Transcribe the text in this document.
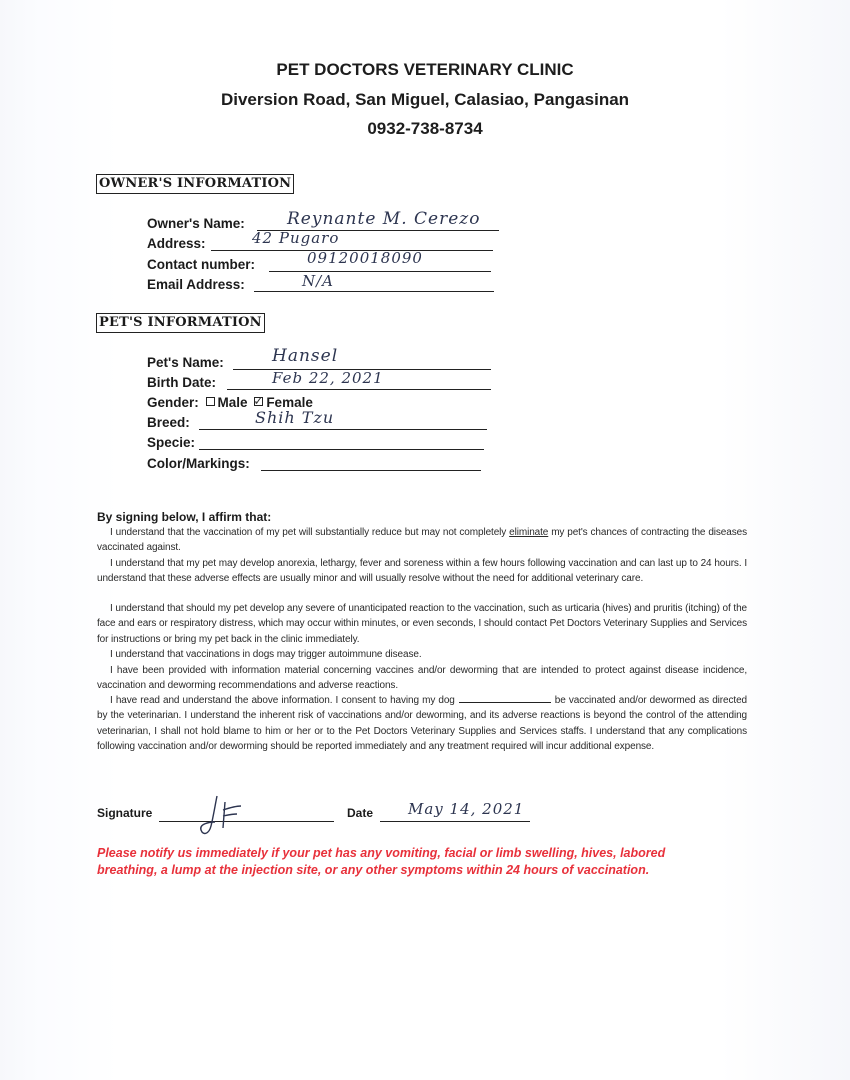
PET DOCTORS VETERINARY CLINIC
Diversion Road, San Miguel, Calasiao, Pangasinan
0932-738-8734
OWNER'S INFORMATION
Owner's Name: Reynante M. Cerezo
Address:	42 Pugaro
Contact number:	09120018090
Email Address:	N/A
PET'S INFORMATION
Pet's Name:	Hansel
Birth Date:	Feb 22, 2021
Gender: Male ✓ Female
Breed:	Shih Tzu
Specie:
Color/Markings:
By signing below, I affirm that:
I understand that the vaccination of my pet will substantially reduce but may not completely eliminate my pet's chances of contracting the diseases vaccinated against.
I understand that my pet may develop anorexia, lethargy, fever and soreness within a few hours following vaccination and can last up to 24 hours. I understand that these adverse effects are usually minor and will usually resolve without the need for additional veterinary care.
I understand that should my pet develop any severe of unanticipated reaction to the vaccination, such as urticaria (hives) and pruritis (itching) of the face and ears or respiratory distress, which may occur within minutes, or even seconds, I should contact Pet Doctors Veterinary Supplies and Services for instructions or bring my pet back in the clinic immediately.
I understand that vaccinations in dogs may trigger autoimmune disease.
I have been provided with information material concerning vaccines and/or deworming that are intended to protect against disease incidence, vaccination and deworming recommendations and adverse reactions.
I have read and understand the above information. I consent to having my dog	be vaccinated and/or dewormed as directed by the veterinarian. I understand the inherent risk of vaccinations and/or deworming, and its adverse reactions is beyond the control of the attending veterinarian, I shall not hold blame to him or her or to the Pet Doctors Veterinary Supplies and Services staffs. I understand that any complications following vaccination and/or deworming should be reported immediately and any treatment required will incur additional expense.
Signature	Date May 14, 2021
Please notify us immediately if your pet has any vomiting, facial or limb swelling, hives, labored breathing, a lump at the injection site, or any other symptoms within 24 hours of vaccination.
